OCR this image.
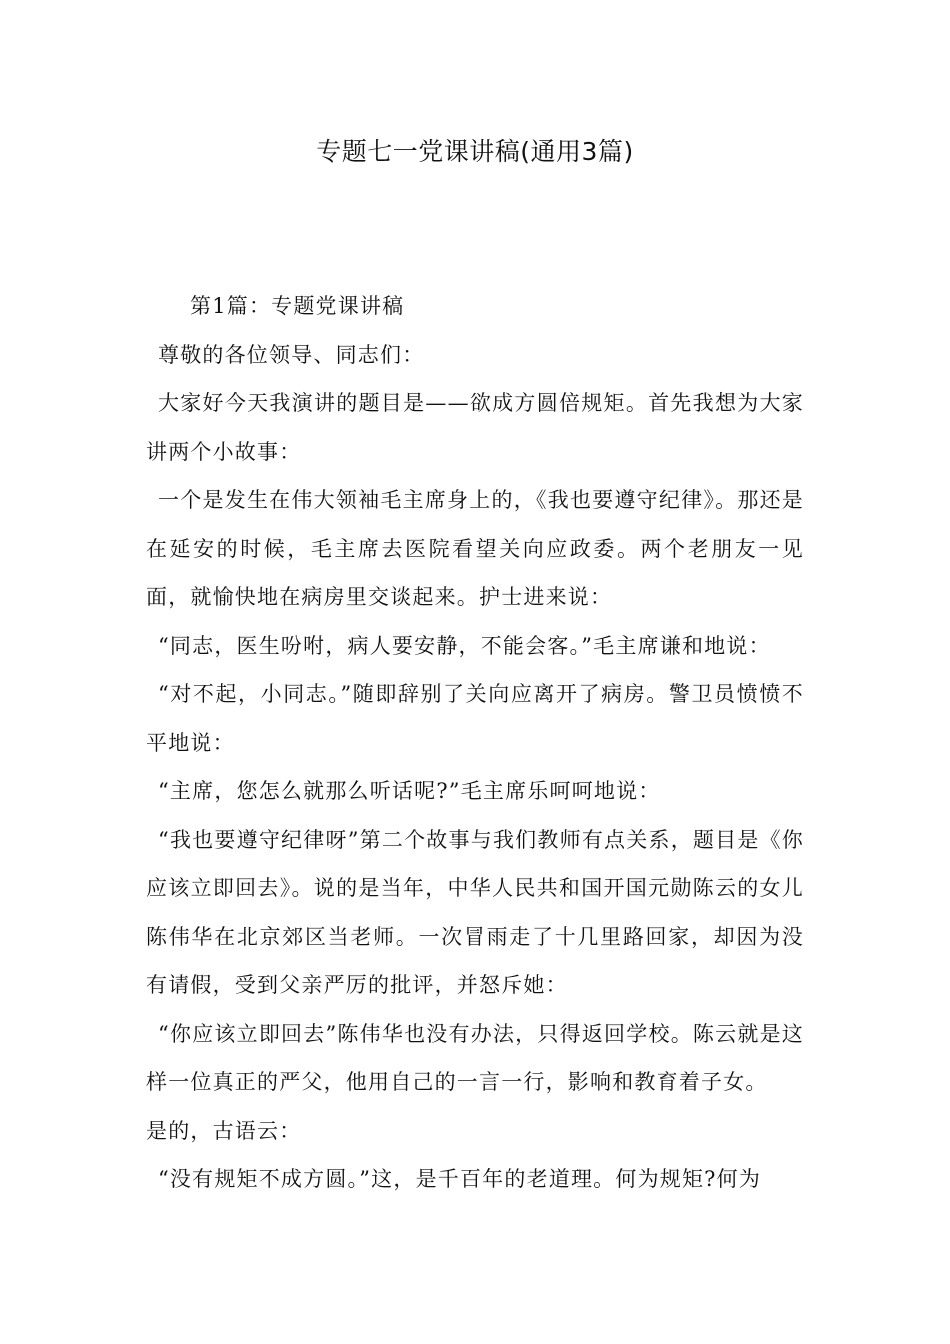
专题七一党课讲稿(通用3篇)

第1篇：专题党课讲稿

尊敬的各位领导、同志们：

大家好今天我演讲的题目是——欲成方圆倍规矩。首先我想为大家讲两个小故事：

一个是发生在伟大领袖毛主席身上的，《我也要遵守纪律》。那还是在延安的时候，毛主席去医院看望关向应政委。两个老朋友一见面，就愉快地在病房里交谈起来。护士进来说：

“同志，医生吩咐，病人要安静，不能会客。”毛主席谦和地说：

“对不起，小同志。”随即辞别了关向应离开了病房。警卫员愤愤不平地说：

“主席，您怎么就那么听话呢?”毛主席乐呵呵地说：

“我也要遵守纪律呀”第二个故事与我们教师有点关系，题目是《你应该立即回去》。说的是当年，中华人民共和国开国元勋陈云的女儿陈伟华在北京郊区当老师。一次冒雨走了十几里路回家，却因为没有请假，受到父亲严厉的批评，并怒斥她：

“你应该立即回去”陈伟华也没有办法，只得返回学校。陈云就是这样一位真正的严父，他用自己的一言一行，影响和教育着子女。

是的，古语云：

“没有规矩不成方圆。”这，是千百年的老道理。何为规矩?何为
